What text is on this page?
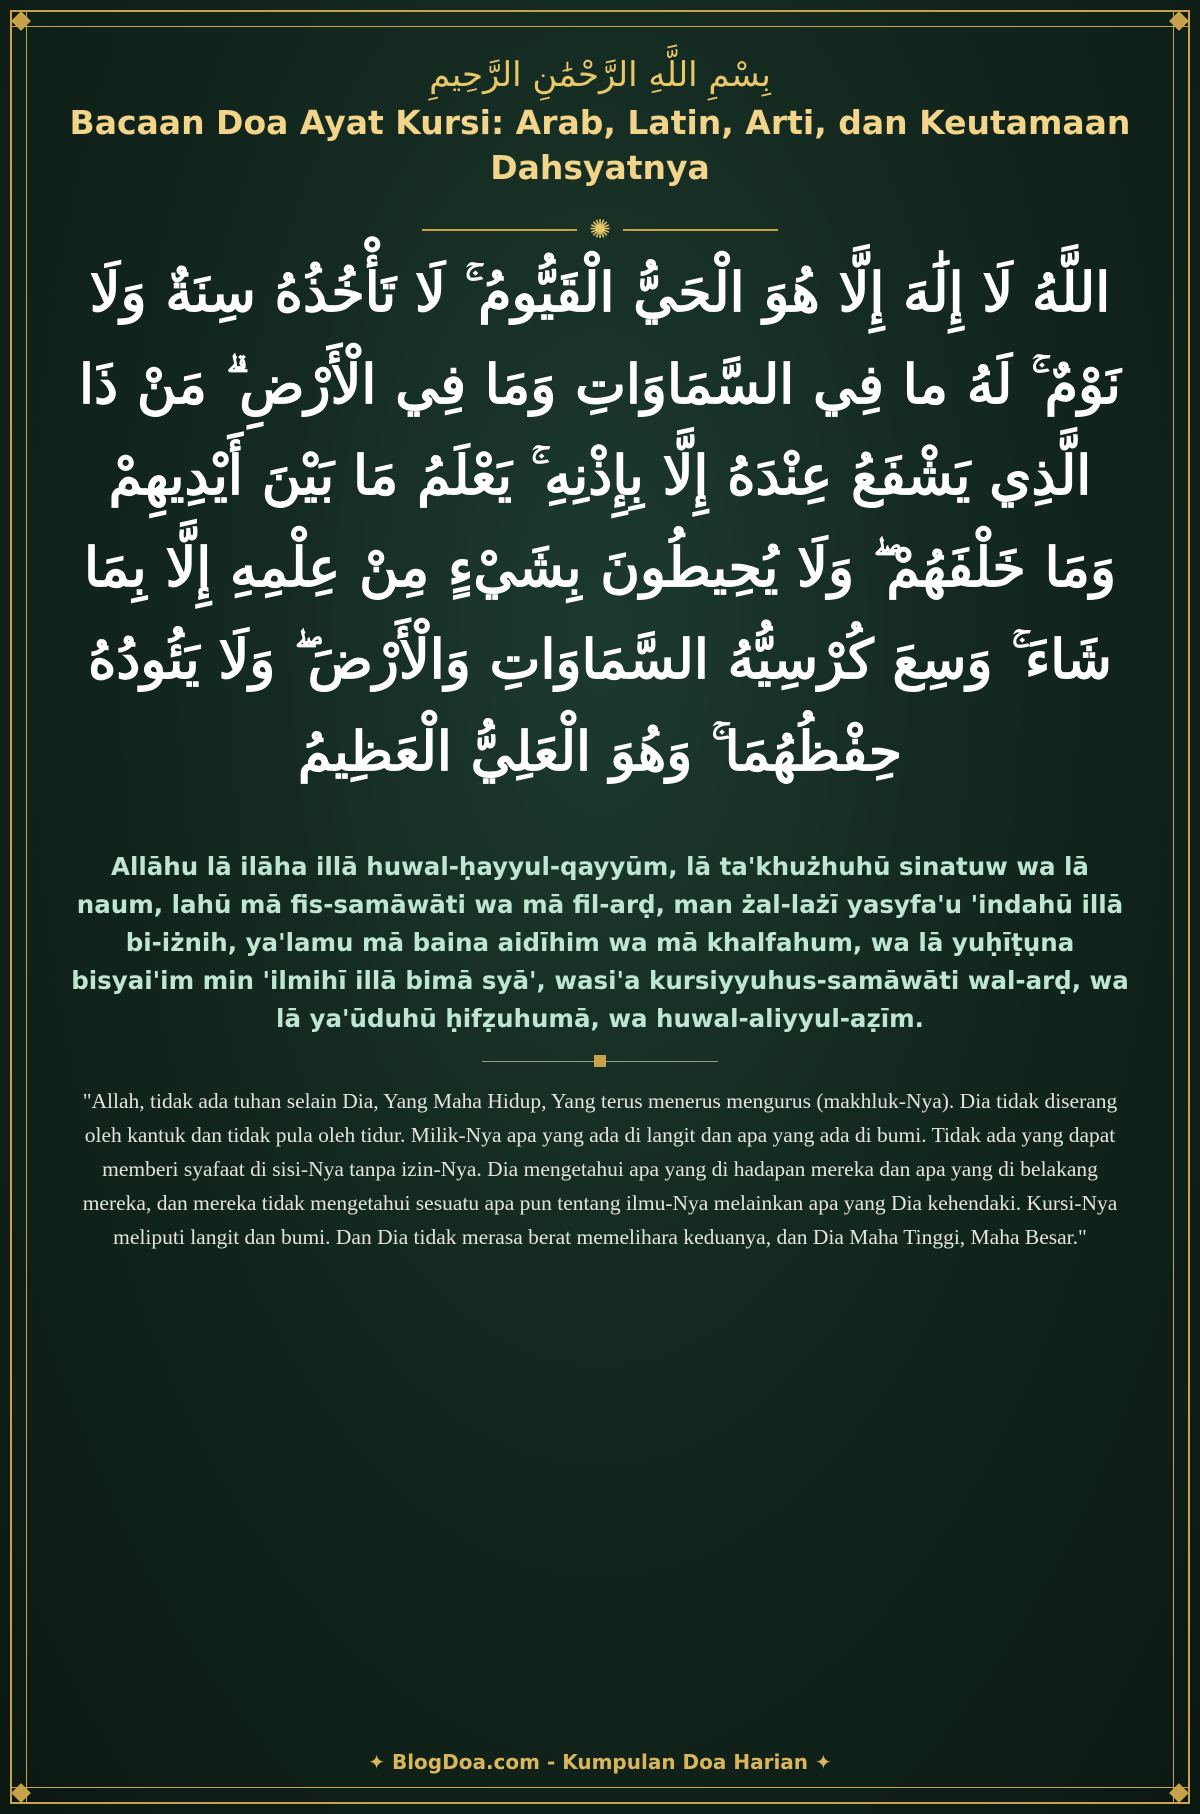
بِسْمِ اللَّهِ الرَّحْمَٰنِ الرَّحِيمِ

Bacaan Doa Ayat Kursi: Arab, Latin, Arti, dan Keutamaan Dahsyatnya
✺

اللَّهُ لَا إِلَٰهَ إِلَّا هُوَ الْحَيُّ الْقَيُّومُ ۚ لَا تَأْخُذُهُ سِنَةٌ وَلَا نَوْمٌ ۚ لَهُ ما فِي السَّمَاوَاتِ وَمَا فِي الْأَرْضِ ۗ مَنْ ذَا الَّذِي يَشْفَعُ عِنْدَهُ إِلَّا بِإِذْنِهِ ۚ يَعْلَمُ مَا بَيْنَ أَيْدِيهِمْ وَمَا خَلْفَهُمْ ۖ وَلَا يُحِيطُونَ بِشَيْءٍ مِنْ عِلْمِهِ إِلَّا بِمَا شَاءَ ۚ وَسِعَ كُرْسِيُّهُ السَّمَاوَاتِ وَالْأَرْضَ ۖ وَلَا يَئُودُهُ حِفْظُهُمَا ۚ وَهُوَ الْعَلِيُّ الْعَظِيمُ

Allāhu lā ilāha illā huwal-ḥayyul-qayyūm, lā ta'khużhuhū sinatuw wa lā naum, lahū mā fis-samāwāti wa mā fil-arḍ, man żal-lażī yasyfa'u 'indahū illā bi-iżnih, ya'lamu mā baina aidīhim wa mā khalfahum, wa lā yuḥīṭụna bisyai'im min 'ilmihī illā bimā syā', wasi'a kursiyyuhus-samāwāti wal-arḍ, wa lā ya'ūduhū ḥifẓuhumā, wa huwal-aliyyul-aẓīm.

"Allah, tidak ada tuhan selain Dia, Yang Maha Hidup, Yang terus menerus mengurus (makhluk-Nya). Dia tidak diserang oleh kantuk dan tidak pula oleh tidur. Milik-Nya apa yang ada di langit dan apa yang ada di bumi. Tidak ada yang dapat memberi syafaat di sisi-Nya tanpa izin-Nya. Dia mengetahui apa yang di hadapan mereka dan apa yang di belakang mereka, dan mereka tidak mengetahui sesuatu apa pun tentang ilmu-Nya melainkan apa yang Dia kehendaki. Kursi-Nya meliputi langit dan bumi. Dan Dia tidak merasa berat memelihara keduanya, dan Dia Maha Tinggi, Maha Besar."

✦ BlogDoa.com - Kumpulan Doa Harian ✦
